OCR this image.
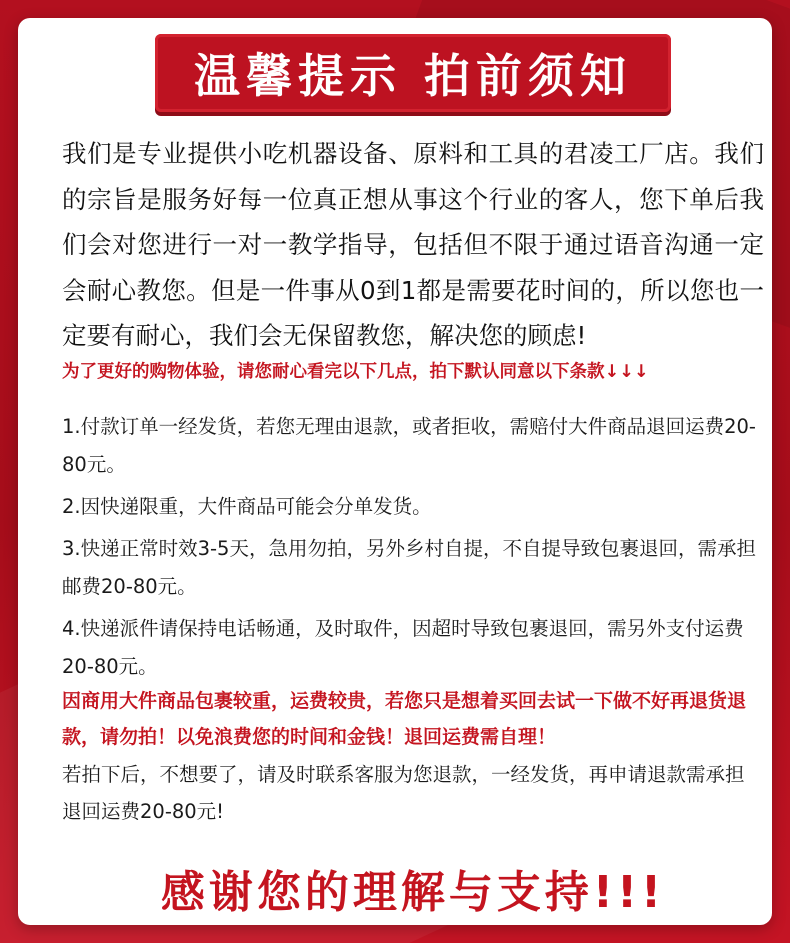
温馨提示 拍前须知
我们是专业提供小吃机器设备、原料和工具的君凌工厂店。我们的宗旨是服务好每一位真正想从事这个行业的客人，您下单后我们会对您进行一对一教学指导，包括但不限于通过语音沟通一定会耐心教您。但是一件事从0到1都是需要花时间的，所以您也一定要有耐心，我们会无保留教您，解决您的顾虑!
为了更好的购物体验，请您耐心看完以下几点，拍下默认同意以下条款↓↓↓
1.付款订单一经发货，若您无理由退款，或者拒收，需赔付大件商品退回运费20-80元。
2.因快递限重，大件商品可能会分单发货。
3.快递正常时效3-5天，急用勿拍，另外乡村自提，不自提导致包裹退回，需承担邮费20-80元。
4.快递派件请保持电话畅通，及时取件，因超时导致包裹退回，需另外支付运费20-80元。
因商用大件商品包裹较重，运费较贵，若您只是想着买回去试一下做不好再退货退款，请勿拍！以免浪费您的时间和金钱！退回运费需自理！
若拍下后，不想要了，请及时联系客服为您退款，一经发货，再申请退款需承担退回运费20-80元!
感谢您的理解与支持!!!
